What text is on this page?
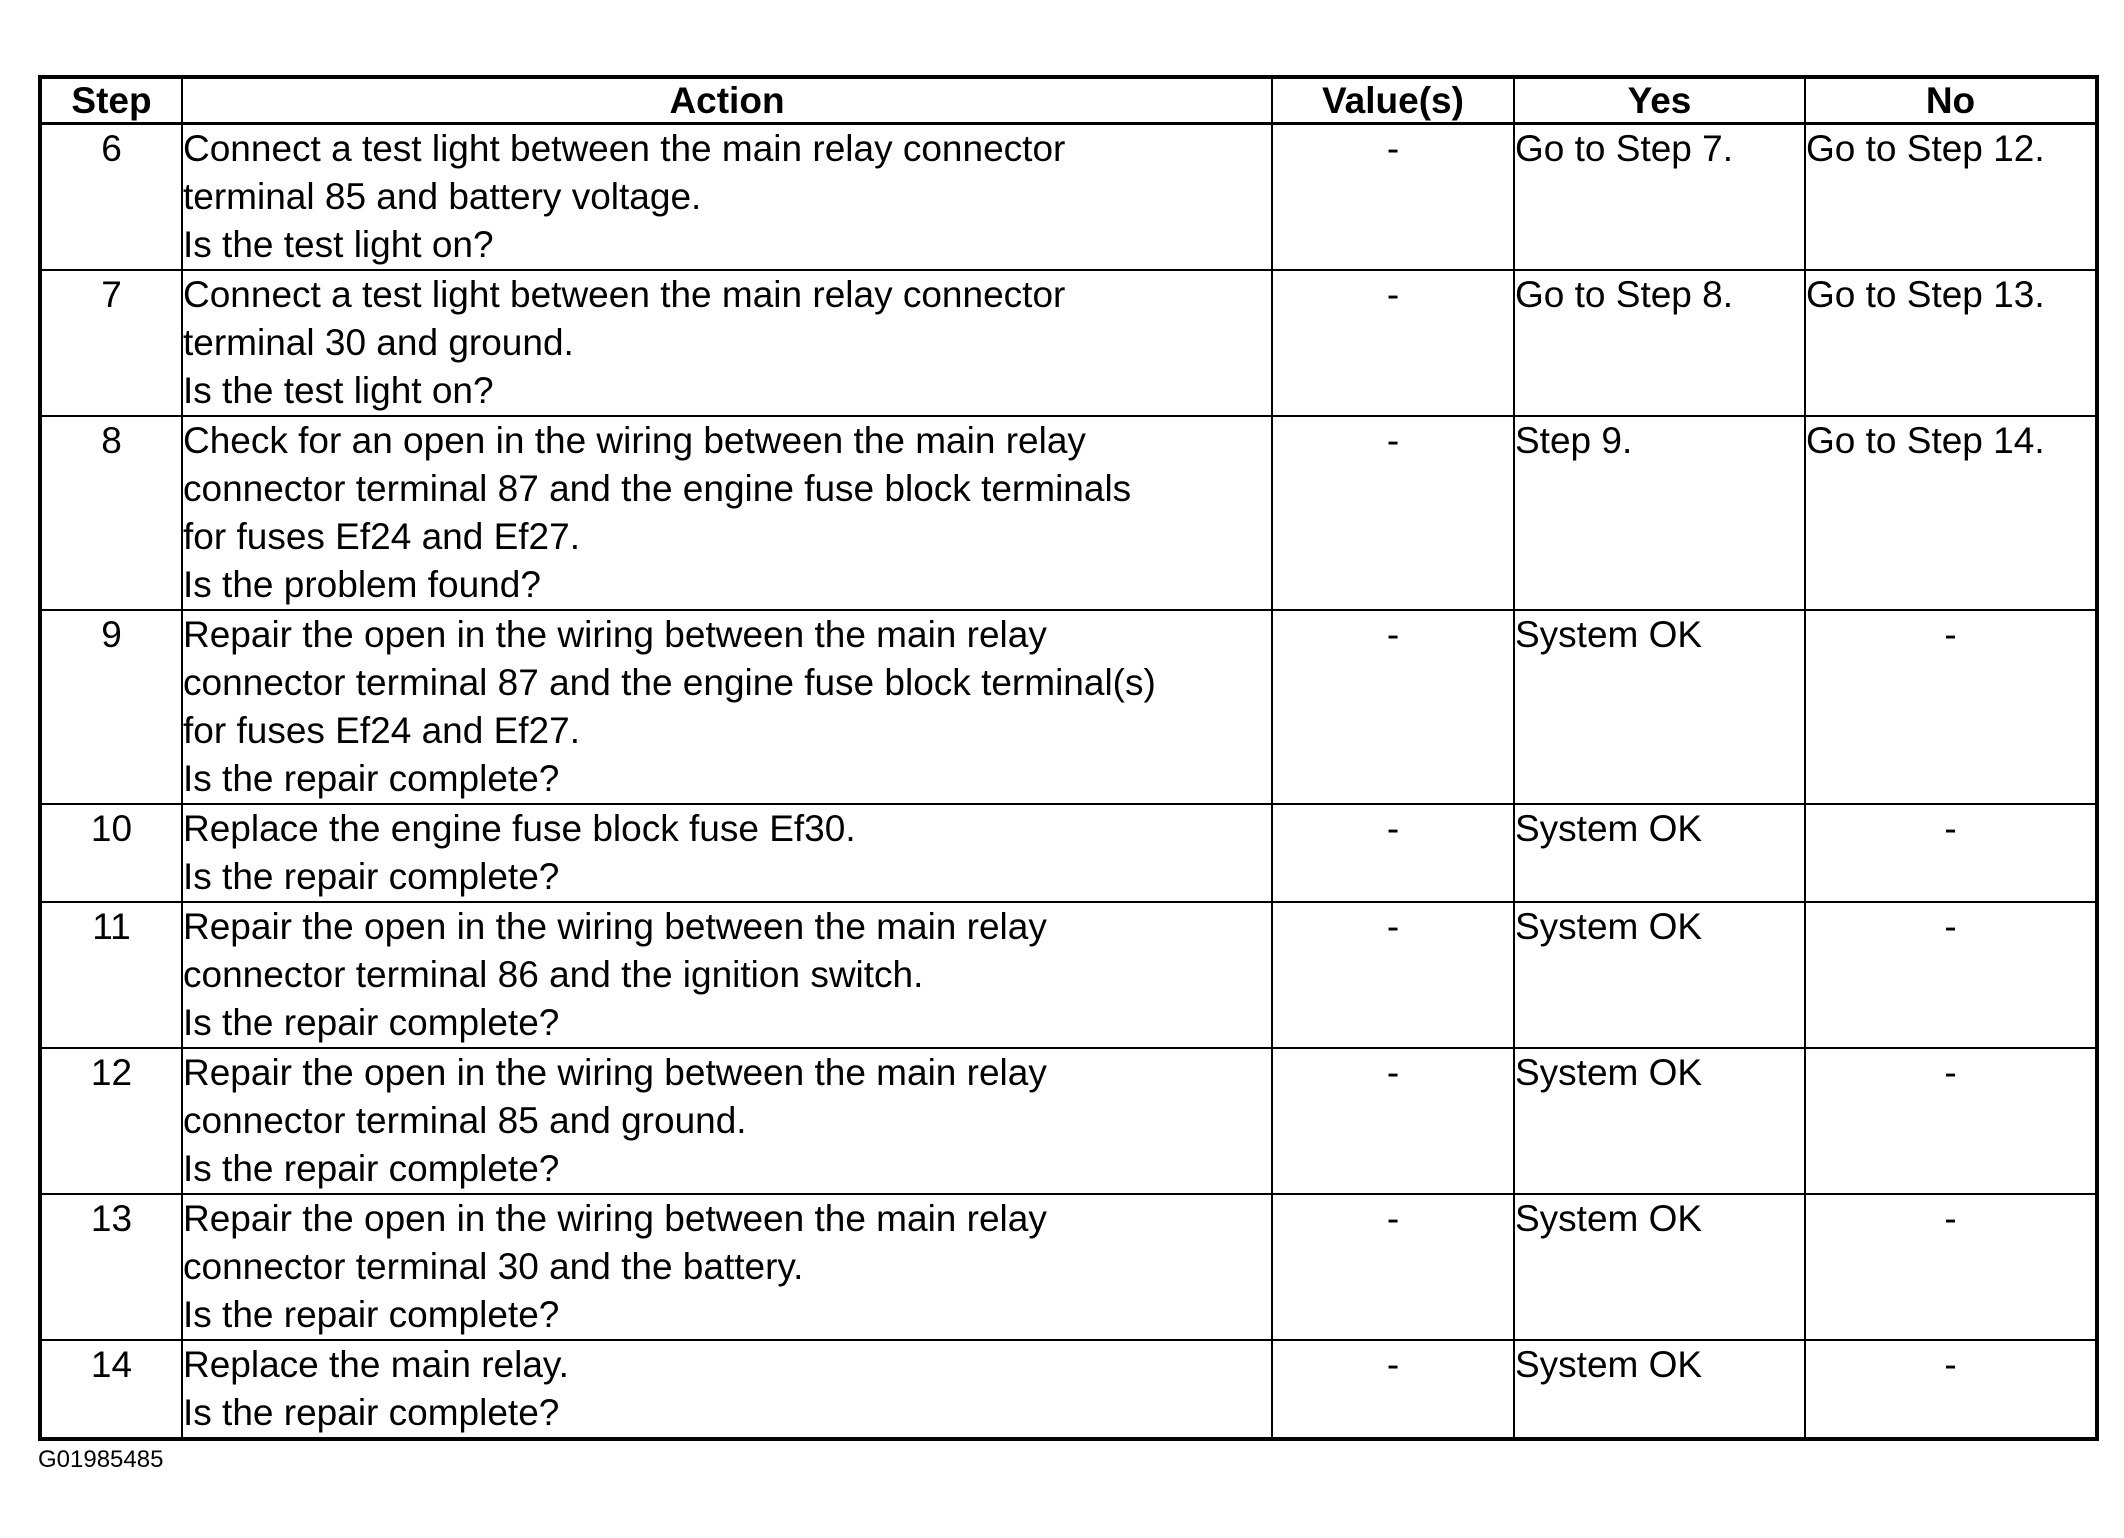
Step	Action	Value(s)	Yes	No
6	Connect a test light between the main relay connector
terminal 85 and battery voltage.
Is the test light on?	-	Go to Step 7.	Go to Step 12.
7	Connect a test light between the main relay connector
terminal 30 and ground.
Is the test light on?	-	Go to Step 8.	Go to Step 13.
8	Check for an open in the wiring between the main relay
connector terminal 87 and the engine fuse block terminals
for fuses Ef24 and Ef27.
Is the problem found?	-	Step 9.	Go to Step 14.
9	Repair the open in the wiring between the main relay
connector terminal 87 and the engine fuse block terminal(s)
for fuses Ef24 and Ef27.
Is the repair complete?	-	System OK	-
10	Replace the engine fuse block fuse Ef30.
Is the repair complete?	-	System OK	-
11	Repair the open in the wiring between the main relay
connector terminal 86 and the ignition switch.
Is the repair complete?	-	System OK	-
12	Repair the open in the wiring between the main relay
connector terminal 85 and ground.
Is the repair complete?	-	System OK	-
13	Repair the open in the wiring between the main relay
connector terminal 30 and the battery.
Is the repair complete?	-	System OK	-
14	Replace the main relay.
Is the repair complete?	-	System OK	-
G01985485
